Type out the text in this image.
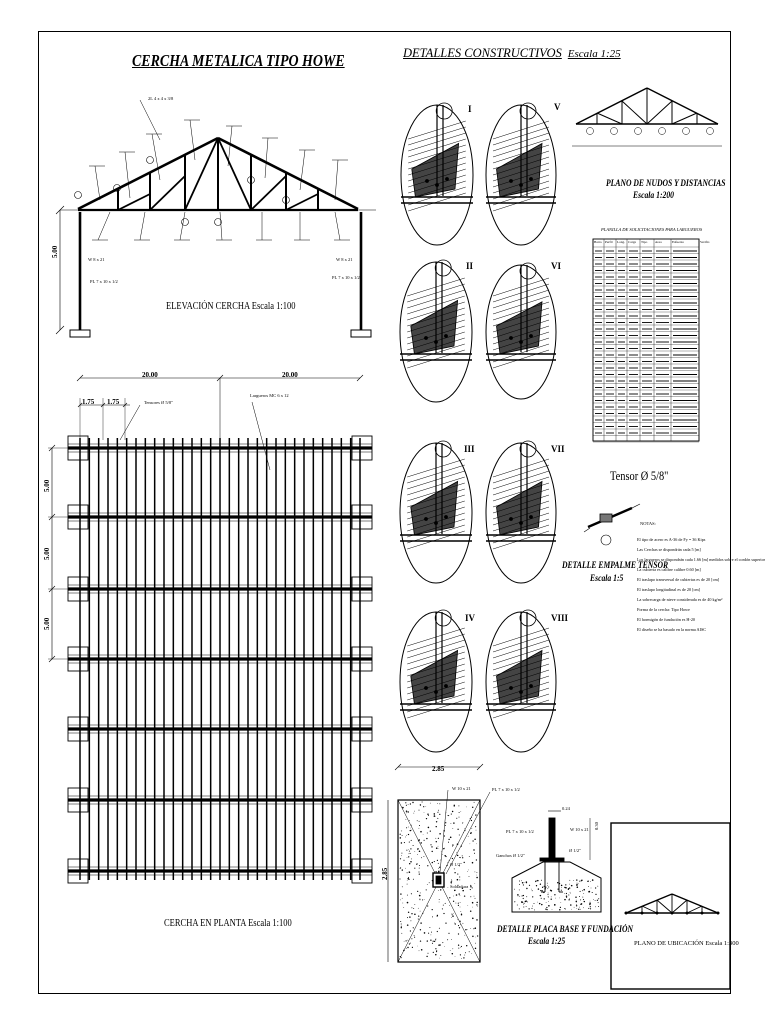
CERCHA METALICA TIPO HOWE	DETALLES CONSTRUCTIVOS Escala 1:25
ELEVACIÓN CERCHA Escala 1:100
5.00
W 8 x 21	W 8 x 21
PL 7 x 10 x 1/2
PL 7 x 10 x 1/2
2L 4 x 4 x 3/8
20.00	20.00
1.75 1.75	Tensores Ø 5/8"
Largueros MC 6 x 12
5.00
5.00
5.00
CERCHA EN PLANTA Escala 1:100
I	V
II	VI
III	VII
IV	VIII
PLANO DE NUDOS Y DISTANCIAS
Escala 1:200
PLANILLA DE SOLICITACIONES PARA LARGUEROS
Barra Perfil Long. Carga Tipo Area	Esfuerzo	Verific.
Tensor Ø 5/8"
DETALLE EMPALME TENSOR
Escala 1:5
NOTAS:
El tipo de acero es A-36 de Fy = 36 Kips
Las Cerchas se dispondrán cada 5 [m]
Los largueros se dispondrán cada 1.66 [m] medidos sobre el cordón superior
La cubierta es calibre calibre 0.60 [m]
El traslapo transversal de cubiertas es de 20 [cm]
El traslapo longitudinal es de 20 [cm]
La sobrecarga de nieve considerada es de 40 kg/m²
Forma de la cercha: Tipo Howe
El hormigón de fundación es H-20
El diseño se ha basado en la norma AISC
2.85
2.85
W 10 x 21	PL 7 x 10 x 1/2
Ø 1/2"
Soldadura
0.24
W 10 x 21
PL 7 x 10 x 1/2
Ganchos Ø 1/2"
Ø 1/2"
0.30
DETALLE PLACA BASE Y FUNDACIÓN
Escala 1:25	PLANO DE UBICACIÓN Escala 1:300
